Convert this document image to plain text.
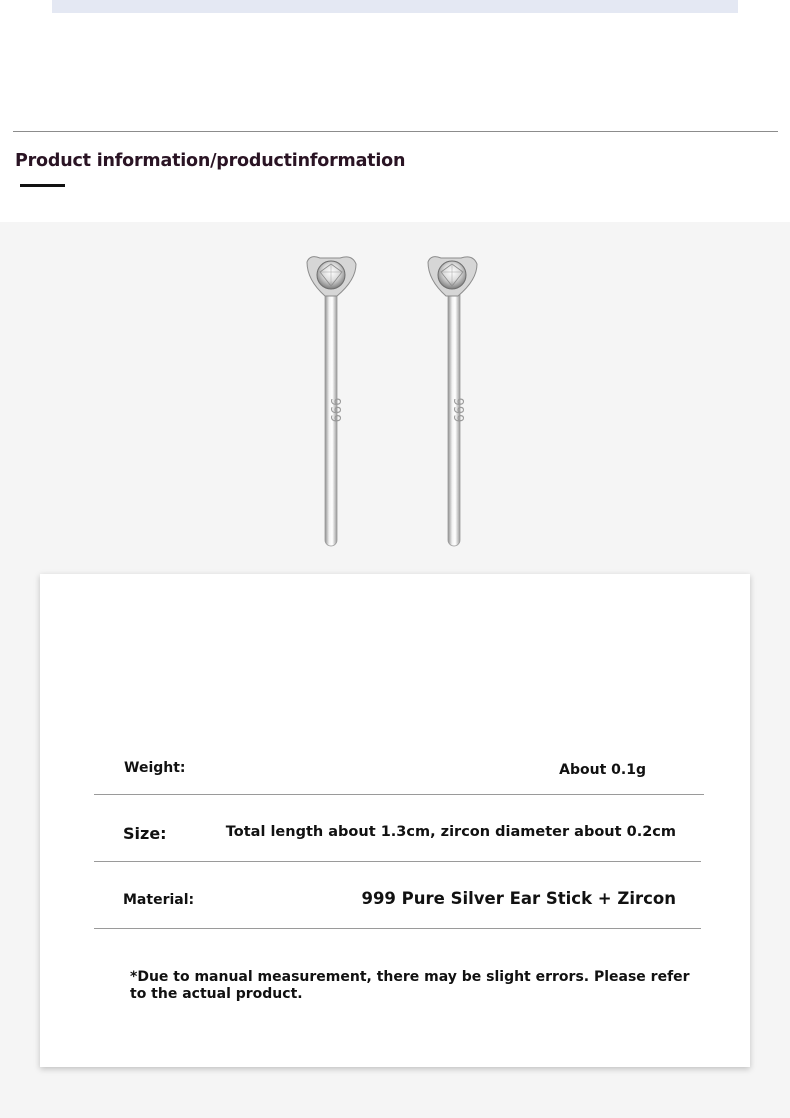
Product information/productinformation
999	999
Weight:	About 0.1g
Size:	Total length about 1.3cm, zircon diameter about 0.2cm
Material:	999 Pure Silver Ear Stick + Zircon
*Due to manual measurement, there may be slight errors. Please refer to the actual product.
